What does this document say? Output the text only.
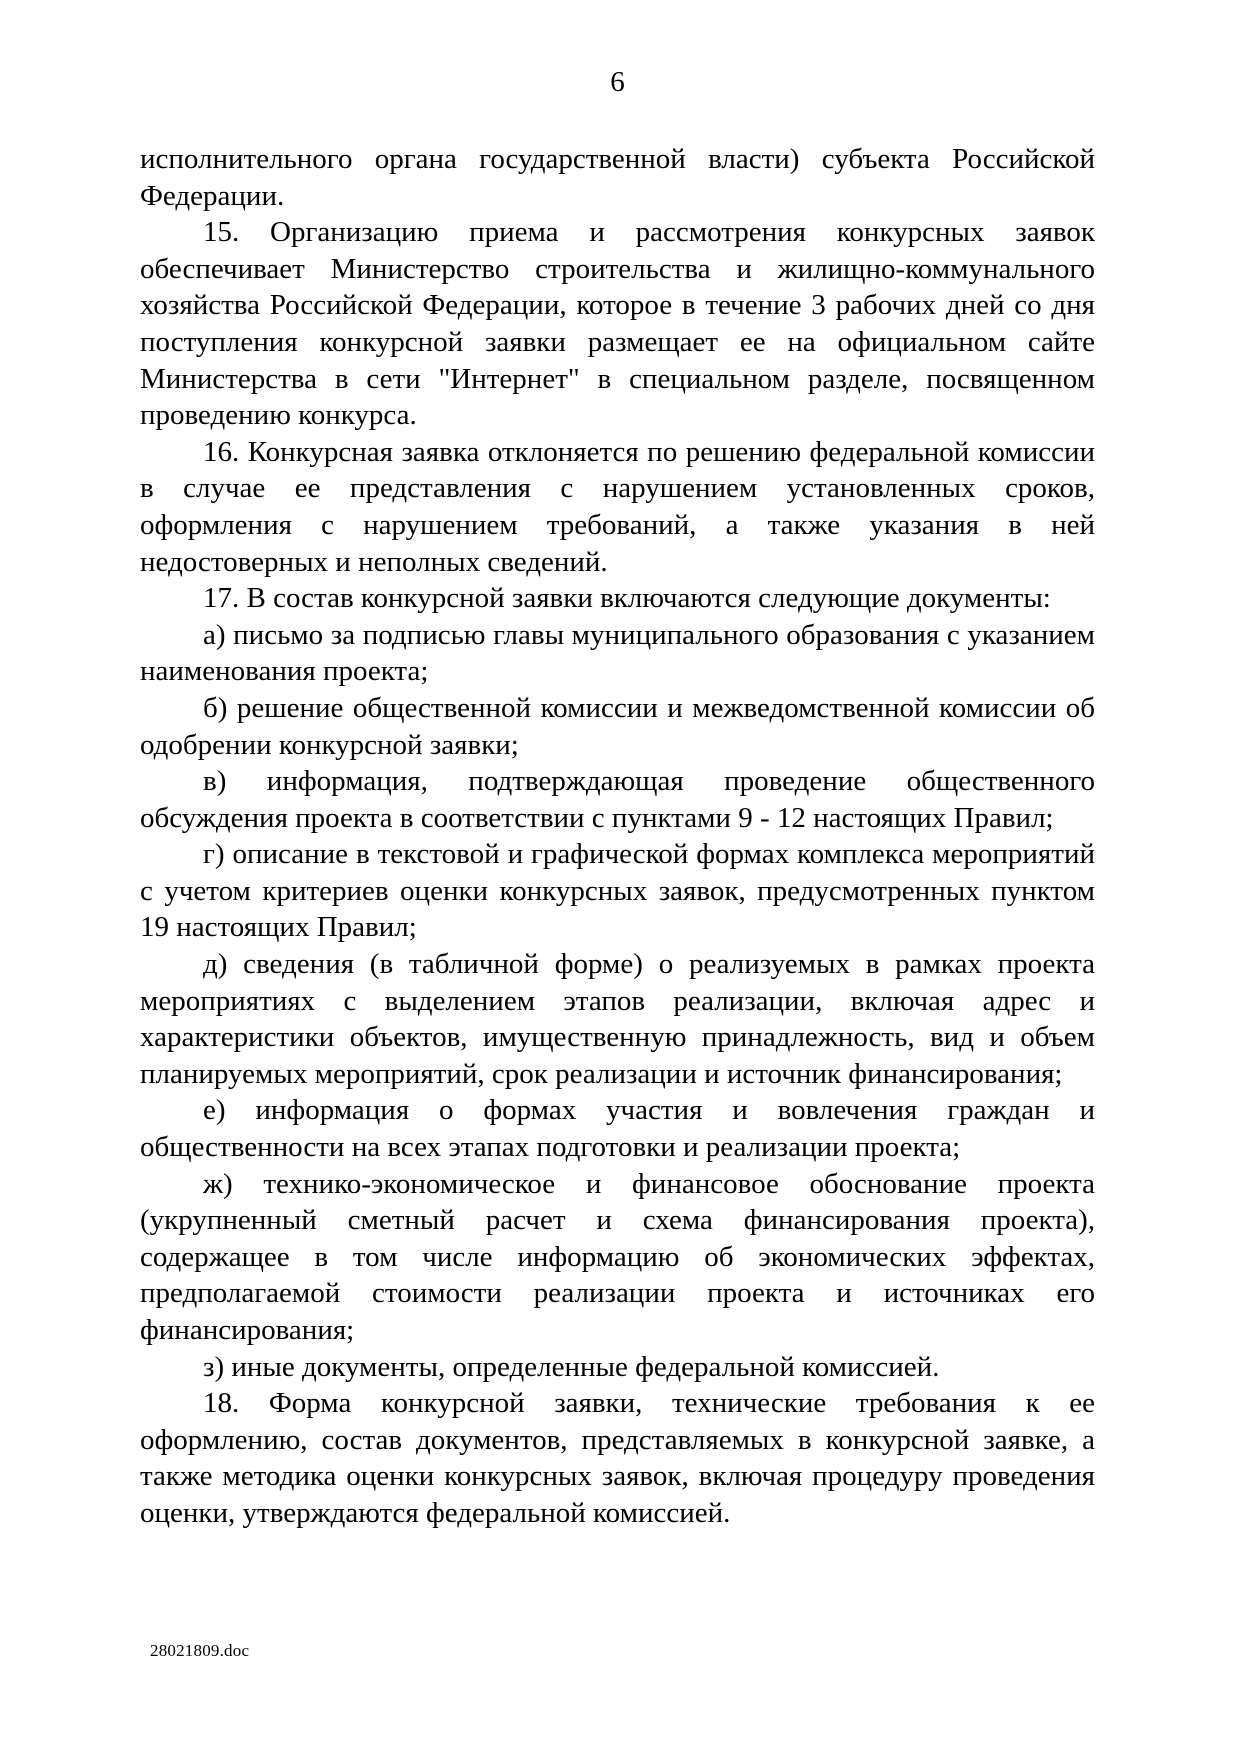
6

исполнительного органа государственной власти) субъекта Российской Федерации.

15. Организацию приема и рассмотрения конкурсных заявок обеспечивает Министерство строительства и жилищно-коммунального хозяйства Российской Федерации, которое в течение 3 рабочих дней со дня поступления конкурсной заявки размещает ее на официальном сайте Министерства в сети "Интернет" в специальном разделе, посвященном проведению конкурса.

16. Конкурсная заявка отклоняется по решению федеральной комиссии в случае ее представления с нарушением установленных сроков, оформления с нарушением требований, а также указания в ней недостоверных и неполных сведений.

17. В состав конкурсной заявки включаются следующие документы:

а) письмо за подписью главы муниципального образования с указанием наименования проекта;

б) решение общественной комиссии и межведомственной комиссии об одобрении конкурсной заявки;

в) информация, подтверждающая проведение общественного обсуждения проекта в соответствии с пунктами 9 - 12 настоящих Правил;

г) описание в текстовой и графической формах комплекса мероприятий с учетом критериев оценки конкурсных заявок, предусмотренных пунктом 19 настоящих Правил;

д) сведения (в табличной форме) о реализуемых в рамках проекта мероприятиях с выделением этапов реализации, включая адрес и характеристики объектов, имущественную принадлежность, вид и объем планируемых мероприятий, срок реализации и источник финансирования;

е) информация о формах участия и вовлечения граждан и общественности на всех этапах подготовки и реализации проекта;

ж) технико-экономическое и финансовое обоснование проекта (укрупненный сметный расчет и схема финансирования проекта), содержащее в том числе информацию об экономических эффектах, предполагаемой стоимости реализации проекта и источниках его финансирования;

з) иные документы, определенные федеральной комиссией.

18. Форма конкурсной заявки, технические требования к ее оформлению, состав документов, представляемых в конкурсной заявке, а также методика оценки конкурсных заявок, включая процедуру проведения оценки, утверждаются федеральной комиссией.

28021809.doc
